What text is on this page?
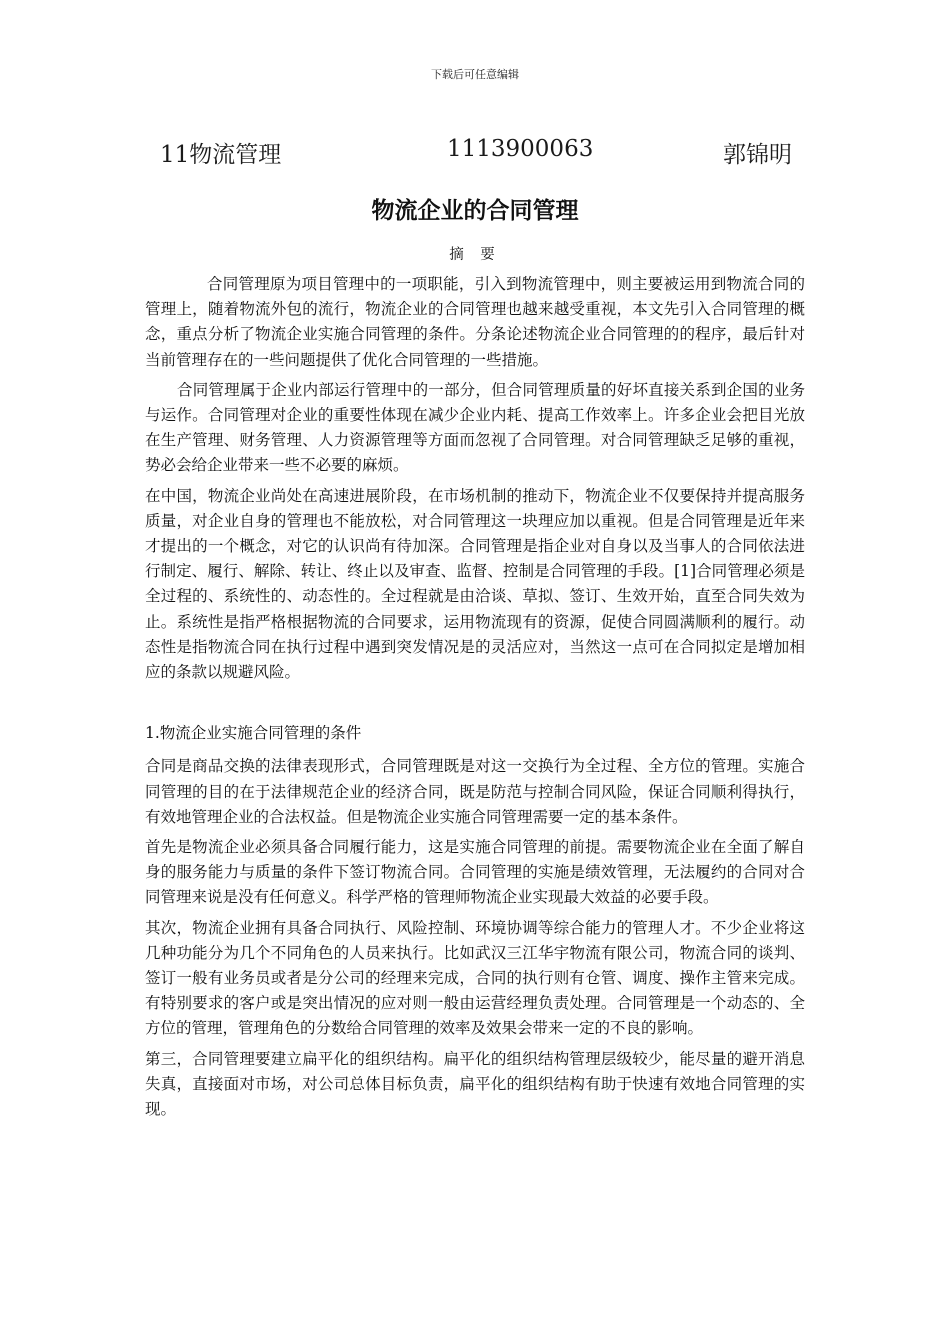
下载后可任意编辑
11物流管理	1113900063	郭锦明
物流企业的合同管理
摘 要

合同管理原为项目管理中的一项职能，引入到物流管理中，则主要被运用到物流合同的管理上，随着物流外包的流行，物流企业的合同管理也越来越受重视，本文先引入合同管理的概念，重点分析了物流企业实施合同管理的条件。分条论述物流企业合同管理的的程序，最后针对当前管理存在的一些问题提供了优化合同管理的一些措施。

合同管理属于企业内部运行管理中的一部分，但合同管理质量的好坏直接关系到企国的业务与运作。合同管理对企业的重要性体现在减少企业内耗、提高工作效率上。许多企业会把目光放在生产管理、财务管理、人力资源管理等方面而忽视了合同管理。对合同管理缺乏足够的重视，势必会给企业带来一些不必要的麻烦。

在中国，物流企业尚处在高速进展阶段，在市场机制的推动下，物流企业不仅要保持并提高服务质量，对企业自身的管理也不能放松，对合同管理这一块理应加以重视。但是合同管理是近年来才提出的一个概念，对它的认识尚有待加深。合同管理是指企业对自身以及当事人的合同依法进行制定、履行、解除、转让、终止以及审查、监督、控制是合同管理的手段。[1]合同管理必须是全过程的、系统性的、动态性的。全过程就是由洽谈、草拟、签订、生效开始，直至合同失效为止。系统性是指严格根据物流的合同要求，运用物流现有的资源，促使合同圆满顺利的履行。动态性是指物流合同在执行过程中遇到突发情况是的灵活应对，当然这一点可在合同拟定是增加相应的条款以规避风险。

1.物流企业实施合同管理的条件

合同是商品交换的法律表现形式，合同管理既是对这一交换行为全过程、全方位的管理。实施合同管理的目的在于法律规范企业的经济合同，既是防范与控制合同风险，保证合同顺利得执行，有效地管理企业的合法权益。但是物流企业实施合同管理需要一定的基本条件。

首先是物流企业必须具备合同履行能力，这是实施合同管理的前提。需要物流企业在全面了解自身的服务能力与质量的条件下签订物流合同。合同管理的实施是绩效管理，无法履约的合同对合同管理来说是没有任何意义。科学严格的管理师物流企业实现最大效益的必要手段。

其次，物流企业拥有具备合同执行、风险控制、环境协调等综合能力的管理人才。不少企业将这几种功能分为几个不同角色的人员来执行。比如武汉三江华宇物流有限公司，物流合同的谈判、签订一般有业务员或者是分公司的经理来完成，合同的执行则有仓管、调度、操作主管来完成。有特别要求的客户或是突出情况的应对则一般由运营经理负责处理。合同管理是一个动态的、全方位的管理，管理角色的分数给合同管理的效率及效果会带来一定的不良的影响。

第三，合同管理要建立扁平化的组织结构。扁平化的组织结构管理层级较少，能尽量的避开消息失真，直接面对市场，对公司总体目标负责，扁平化的组织结构有助于快速有效地合同管理的实现。
